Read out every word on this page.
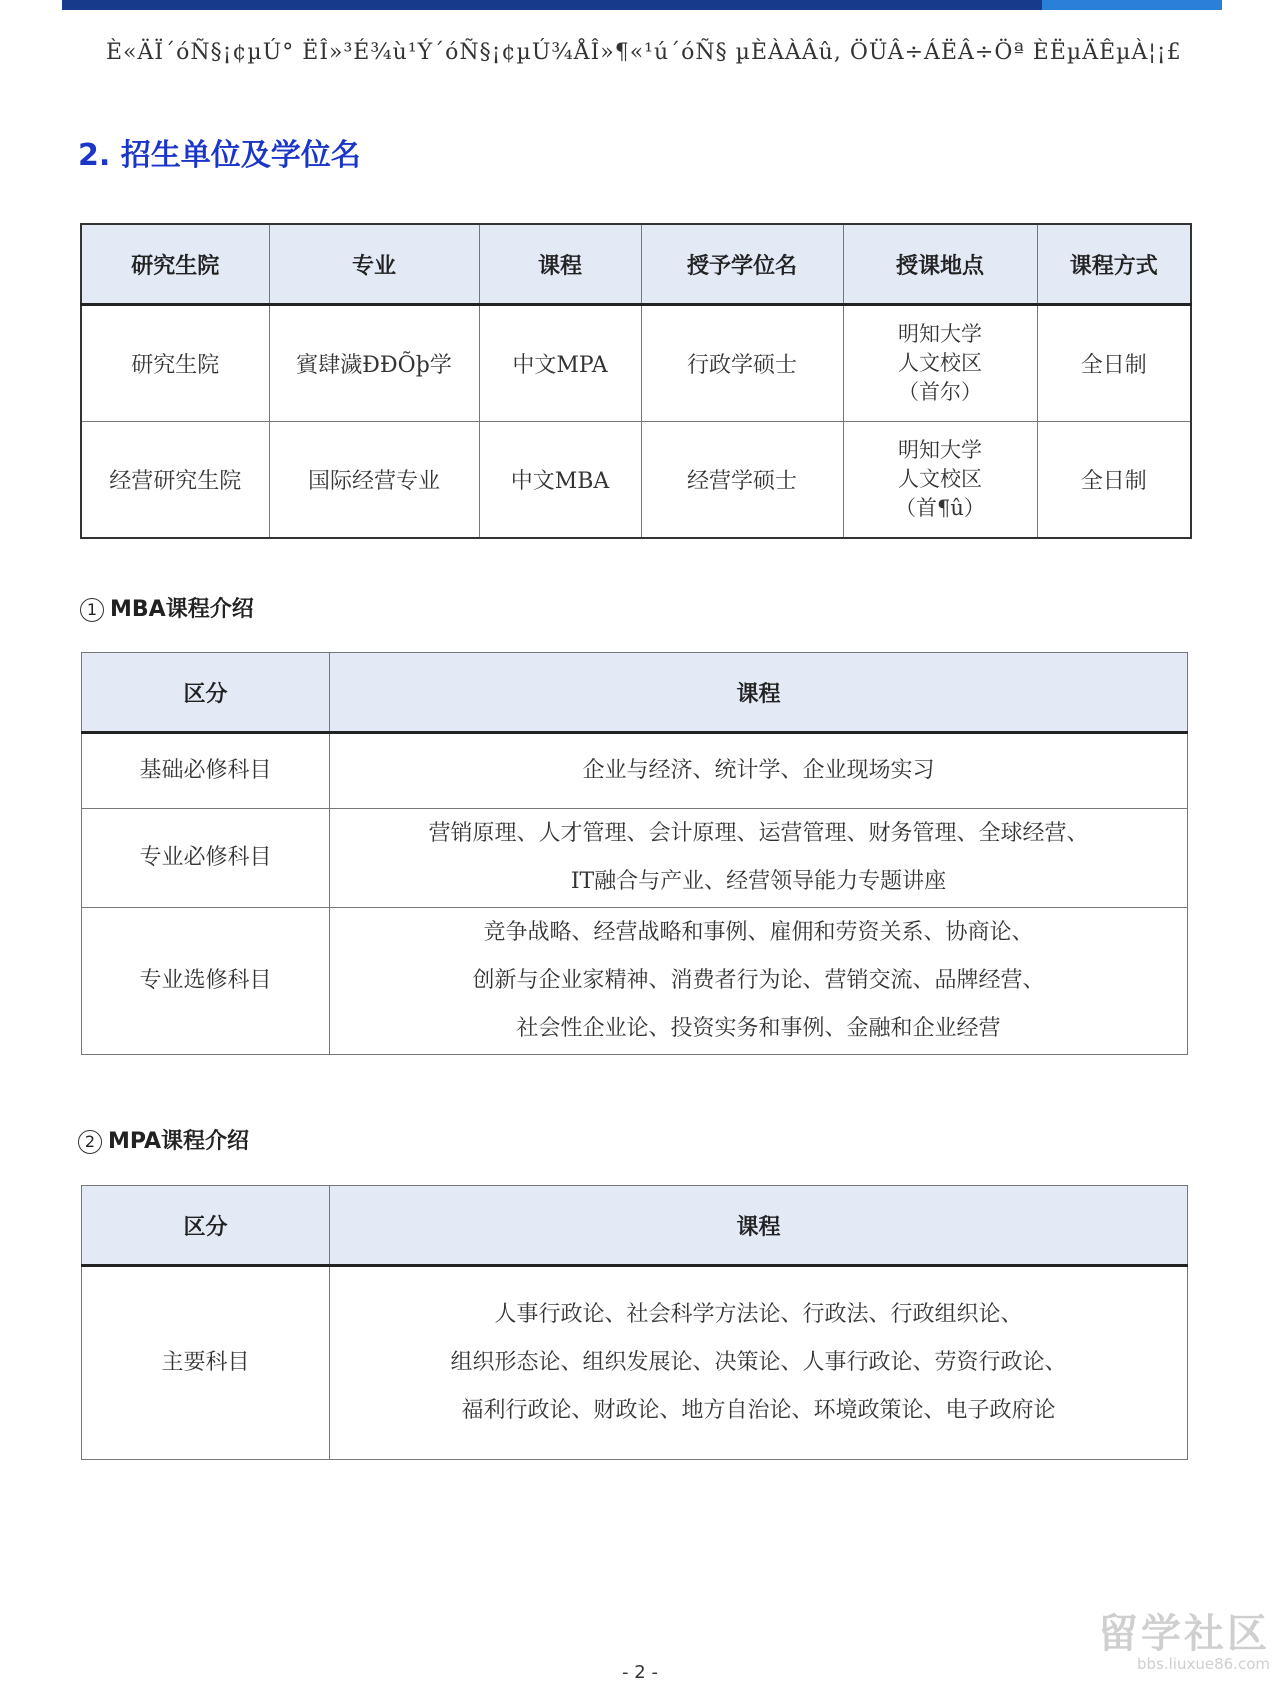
È«ÄÏ´óÑ§¡¢µÚ° ËÎ»³É¾ù¹Ý´óÑ§¡¢µÚ¾ÅÎ»¶«¹ú´óÑ§ µÈÀÀÂû, ÖÜÂ÷ÁËÂ÷Öª ÈËµÄÊµÀ¦¡£
2. 招生单位及学位名
研究生院	专业	课程	授予学位名	授课地点	课程方式
研究生院	賓肆濊ÐÐÕþ学	中文MPA	行政学硕士	明知大学
人文校区
（首尔）	全日制
经营研究生院	国际经营专业	中文MBA	经营学硕士	明知大学
人文校区
（首¶û）	全日制
1 MBA课程介绍
区分	课程
基础必修科目	企业与经济、统计学、企业现场实习

专业必修科目	营销原理、人才管理、会计原理、运营管理、财务管理、全球经营、
IT融合与产业、经营领导能力专题讲座

专业选修科目	竞争战略、经营战略和事例、雇佣和劳资关系、协商论、
创新与企业家精神、消费者行为论、营销交流、品牌经营、
社会性企业论、投资实务和事例、金融和企业经营
2 MPA课程介绍
区分	课程
主要科目	人事行政论、社会科学方法论、行政法、行政组织论、
组织形态论、组织发展论、决策论、人事行政论、劳资行政论、
福利行政论、财政论、地方自治论、环境政策论、电子政府论
- 2 -
留学社区
bbs.liuxue86.com
